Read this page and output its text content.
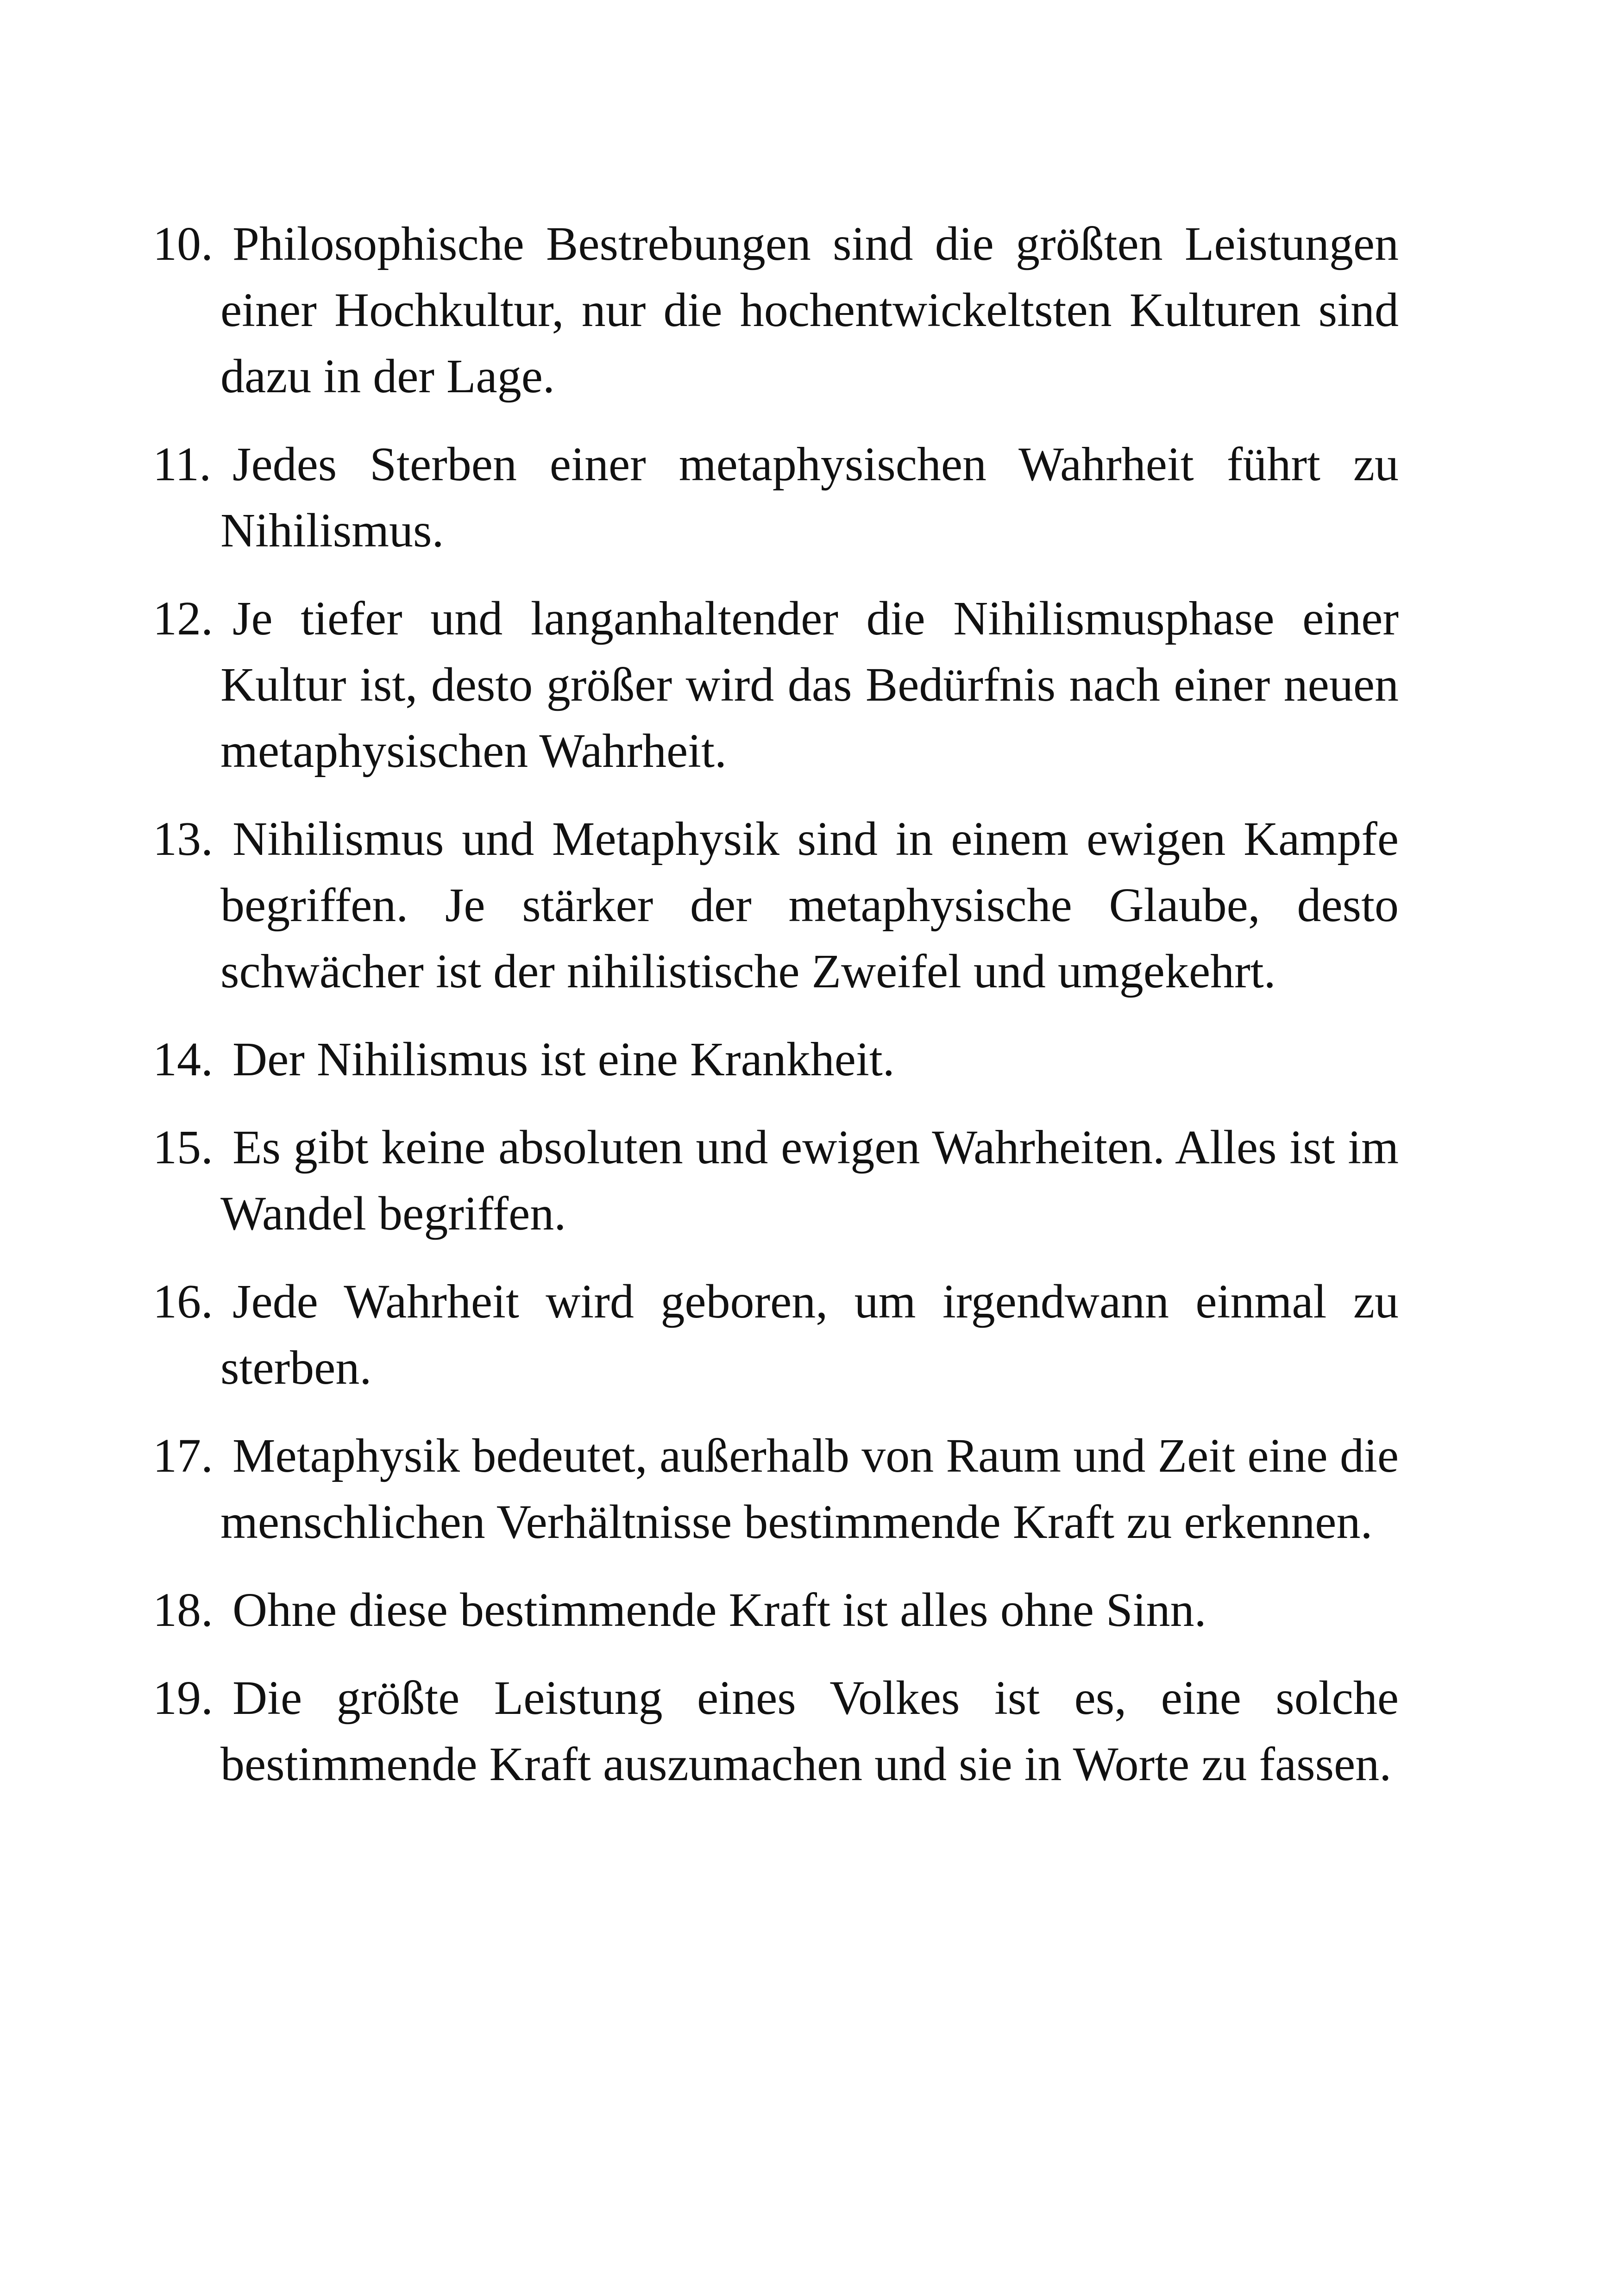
10. Philosophische Bestrebungen sind die größten Leistungen einer Hochkultur, nur die hochentwickeltsten Kulturen sind dazu in der Lage.
11. Jedes Sterben einer metaphysischen Wahrheit führt zu Nihilismus.
12. Je tiefer und langanhaltender die Nihilismusphase einer Kultur ist, desto größer wird das Bedürfnis nach einer neuen metaphysischen Wahrheit.
13. Nihilismus und Metaphysik sind in einem ewigen Kampfe begriffen. Je stärker der metaphysische Glaube, desto schwächer ist der nihilistische Zweifel und umgekehrt.
14. Der Nihilismus ist eine Krankheit.
15. Es gibt keine absoluten und ewigen Wahrheiten. Alles ist im Wandel begriffen.
16. Jede Wahrheit wird geboren, um irgendwann einmal zu sterben.
17. Metaphysik bedeutet, außerhalb von Raum und Zeit eine die menschlichen Verhältnisse bestimmende Kraft zu erkennen.
18. Ohne diese bestimmende Kraft ist alles ohne Sinn.
19. Die größte Leistung eines Volkes ist es, eine solche bestimmende Kraft auszumachen und sie in Worte zu fassen.
